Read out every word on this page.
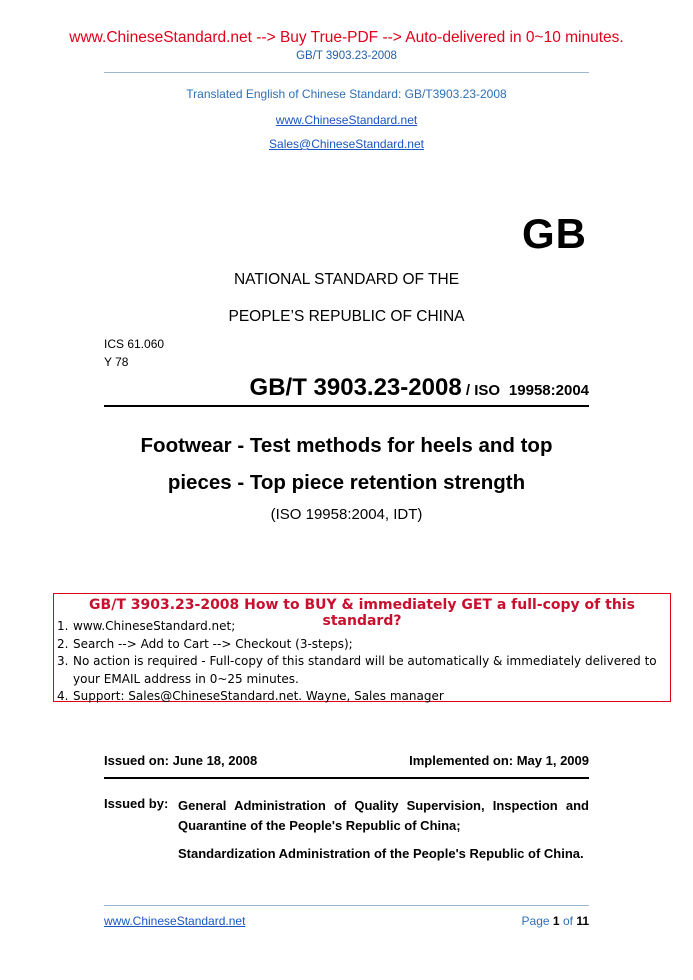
www.ChineseStandard.net --> Buy True-PDF --> Auto-delivered in 0~10 minutes.
GB/T 3903.23-2008
Translated English of Chinese Standard: GB/T3903.23-2008
www.ChineseStandard.net
Sales@ChineseStandard.net
GB
NATIONAL STANDARD OF THE
PEOPLE’S REPUBLIC OF CHINA
ICS 61.060
Y 78
GB/T 3903.23-2008 / ISO 19958:2004
Footwear - Test methods for heels and top
pieces - Top piece retention strength
(ISO 19958:2004, IDT)
GB/T 3903.23-2008 How to BUY & immediately GET a full-copy of this standard?
1. www.ChineseStandard.net;
2. Search --> Add to Cart --> Checkout (3-steps);
3. No action is required - Full-copy of this standard will be automatically & immediately delivered to your EMAIL address in 0~25 minutes.
4. Support: Sales@ChineseStandard.net. Wayne, Sales manager
Issued on: June 18, 2008	Implemented on: May 1, 2009
Issued by: General Administration of Quality Supervision, Inspection and Quarantine of the People's Republic of China;

Standardization Administration of the People's Republic of China.

www.ChineseStandard.net	Page 1 of 11
